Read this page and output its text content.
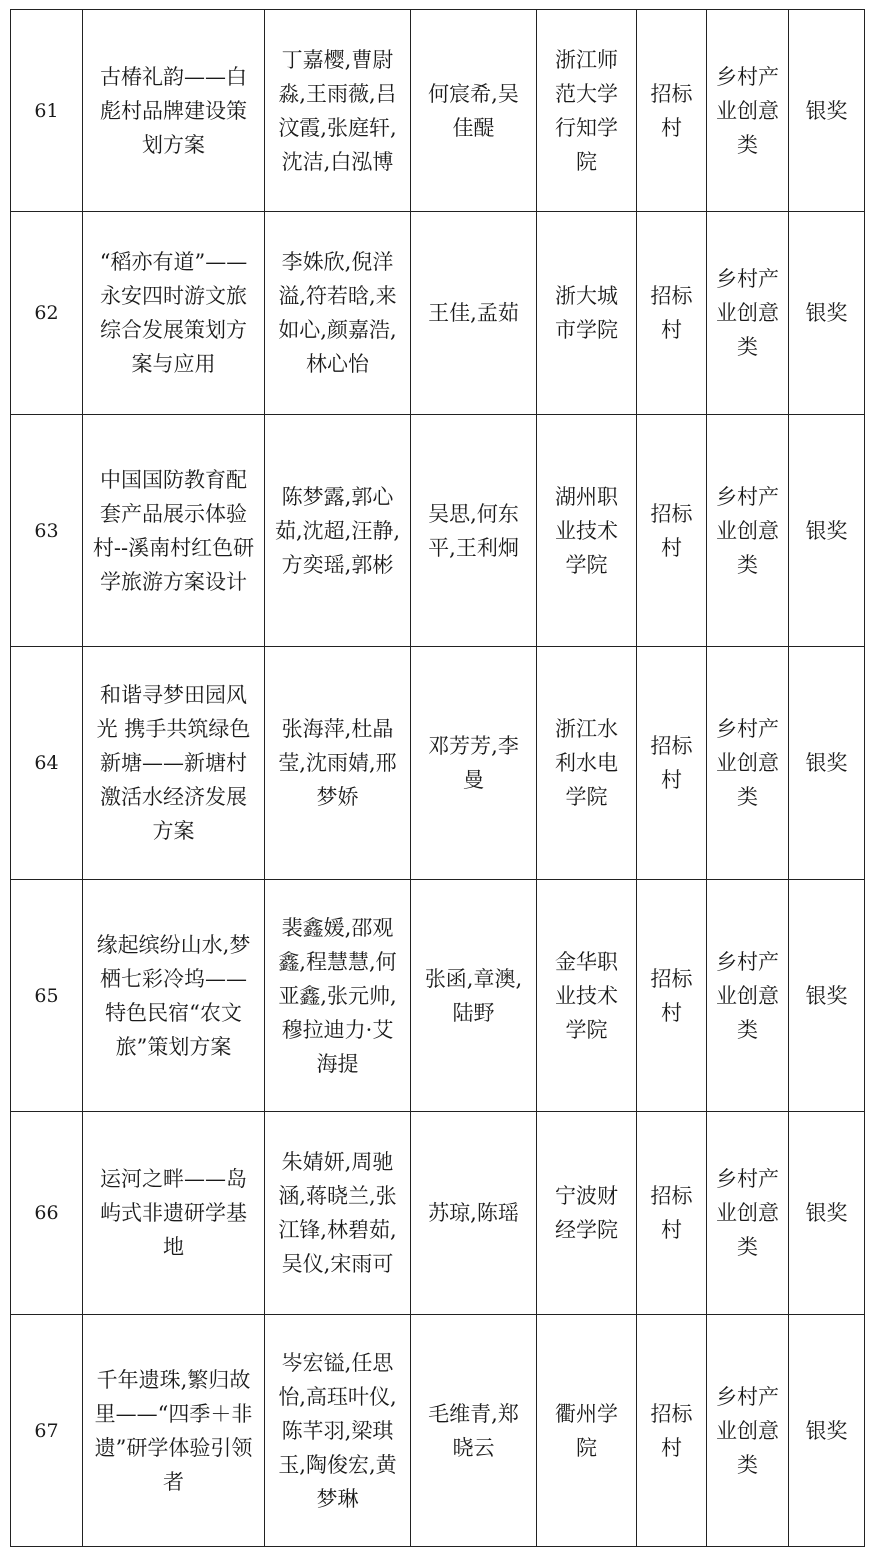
61	古椿礼韵——白彪村品牌建设策划方案	丁嘉樱,曹尉淼,王雨薇,吕汶霞,张庭轩,沈洁,白泓博	何宸希,吴佳醍	浙江师范大学行知学院	招标村	乡村产业创意类	银奖
62	“稻亦有道”——永安四时游文旅综合发展策划方案与应用	李姝欣,倪洋溢,符若晗,来如心,颜嘉浩,林心怡	王佳,孟茹	浙大城市学院	招标村	乡村产业创意类	银奖
63	中国国防教育配套产品展示体验村--溪南村红色研学旅游方案设计	陈梦露,郭心茹,沈超,汪静,方奕瑶,郭彬	吴思,何东平,王利炯	湖州职业技术学院	招标村	乡村产业创意类	银奖
64	和谐寻梦田园风光 携手共筑绿色新塘——新塘村激活水经济发展方案	张海萍,杜晶莹,沈雨婧,邢梦娇	邓芳芳,李曼	浙江水利水电学院	招标村	乡村产业创意类	银奖
65	缘起缤纷山水,梦栖七彩冷坞—— 特色民宿“农文旅”策划方案	裴鑫媛,邵观鑫,程慧慧,何亚鑫,张元帅,穆拉迪力·艾海提	张函,章澳,陆野	金华职业技术学院	招标村	乡村产业创意类	银奖
66	运河之畔——岛屿式非遗研学基地	朱婧妍,周驰涵,蒋晓兰,张江锋,林碧茹,吴仪,宋雨可	苏琼,陈瑶	宁波财经学院	招标村	乡村产业创意类	银奖
67	千年遗珠,繁归故里——“四季＋非遗”研学体验引领者	岑宏镒,任思怡,高珏叶仪,陈芊羽,梁琪玉,陶俊宏,黄梦琳	毛维青,郑晓云	衢州学院	招标村	乡村产业创意类	银奖
